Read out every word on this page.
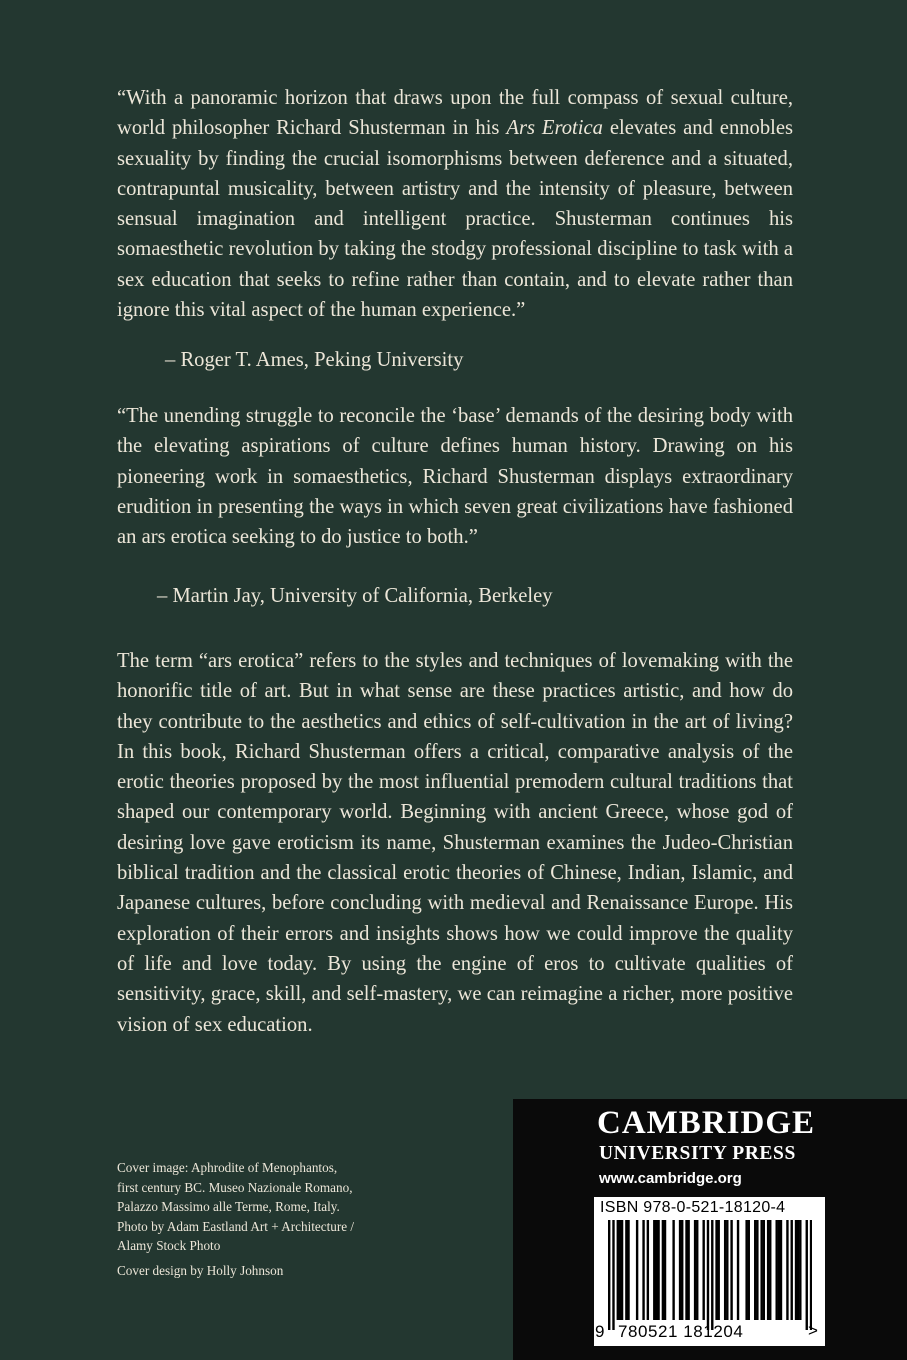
“With a panoramic horizon that draws upon the full compass of sexual culture, world philosopher Richard Shusterman in his Ars Erotica elevates and ennobles sexuality by finding the crucial isomorphisms between deference and a situated, contrapuntal musicality, between artistry and the intensity of pleasure, between sensual imagination and intelligent practice. Shusterman continues his somaesthetic revolution by taking the stodgy professional discipline to task with a sex education that seeks to refine rather than contain, and to elevate rather than ignore this vital aspect of the human experience.”

– Roger T. Ames, Peking University

“The unending struggle to reconcile the ‘base’ demands of the desiring body with the elevating aspirations of culture defines human history. Drawing on his pioneering work in somaesthetics, Richard Shusterman displays extraordinary erudition in presenting the ways in which seven great civilizations have fashioned an ars erotica seeking to do justice to both.”

– Martin Jay, University of California, Berkeley

The term “ars erotica” refers to the styles and techniques of lovemaking with the honorific title of art. But in what sense are these practices artistic, and how do they contribute to the aesthetics and ethics of self-cultivation in the art of living? In this book, Richard Shusterman offers a critical, comparative analysis of the erotic theories proposed by the most influential premodern cultural traditions that shaped our contemporary world. Beginning with ancient Greece, whose god of desiring love gave eroticism its name, Shusterman examines the Judeo-Christian biblical tradition and the classical erotic theories of Chinese, Indian, Islamic, and Japanese cultures, before concluding with medieval and Renaissance Europe. His exploration of their errors and insights shows how we could improve the quality of life and love today. By using the engine of eros to cultivate qualities of sensitivity, grace, skill, and self-mastery, we can reimagine a richer, more positive vision of sex education.

Cover image: Aphrodite of Menophantos,
first century BC. Museo Nazionale Romano,
Palazzo Massimo alle Terme, Rome, Italy.
Photo by Adam Eastland Art + Architecture /
Alamy Stock Photo

Cover design by Holly Johnson

CAMBRIDGE
UNIVERSITY PRESS
www.cambridge.org
ISBN 978-0-521-18120-4
9 780521 181204	>
